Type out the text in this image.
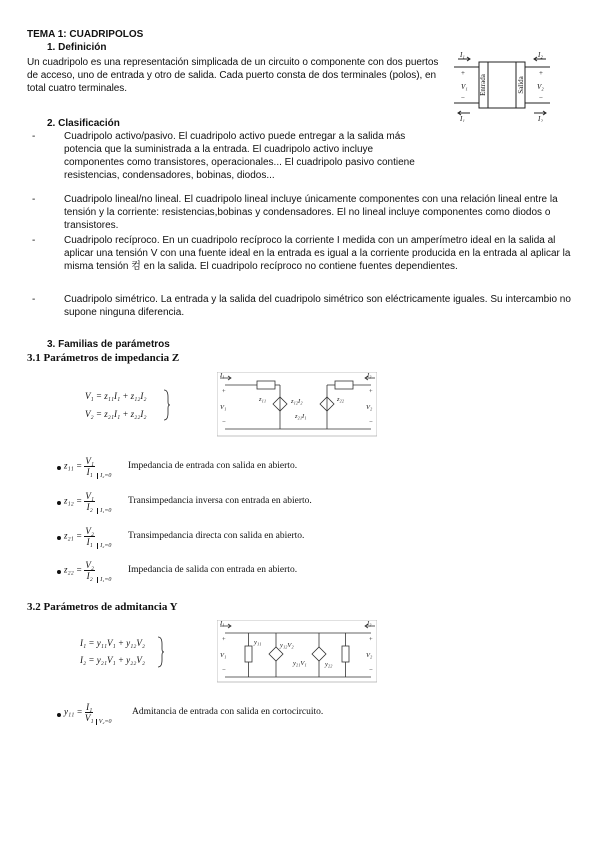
TEMA 1: CUADRIPOLOS
1. Definición
Un cuadripolo es una representación simplicada de un circuito o componente con dos puertos de acceso, uno de entrada y otro de salida. Cada puerto consta de dos terminales (polos), en total cuatro terminales.
I₁	I₂
I₁	I₂
+
V₁
−
+
V₂
−
Entrada	Salida
2. Clasificación
-	Cuadripolo activo/pasivo. El cuadripolo activo puede entregar a la salida más potencia que la suministrada a la entrada. El cuadripolo activo incluye componentes como transistores, operacionales... El cuadripolo pasivo contiene resistencias, condensadores, bobinas, diodos...
-	Cuadripolo lineal/no lineal. El cuadripolo lineal incluye únicamente componentes con una relación lineal entre la tensión y la corriente: resistencias,bobinas y condensadores. El no lineal incluye componentes como diodos o transistores.
-	Cuadripolo recíproco. En un cuadripolo recíproco la corriente I medida con un amperímetro ideal en la salida al aplicar una tensión V con una fuente ideal en la entrada es igual a la corriente producida en la entrada al aplicar la misma tensión 컴 en la salida. El cuadripolo recíproco no contiene fuentes dependientes.
-	Cuadripolo simétrico. La entrada y la salida del cuadripolo simétrico son eléctricamente iguales. Su intercambio no supone ninguna diferencia.
3. Familias de parámetros
3.1 Parámetros de impedancia Z
V₁ = z₁₁I₁ + z₁₂I₂
V₂ = z₂₁I₁ + z₂₂I₂
I₁	I₂
+
V₁
−
+
V₂
−
z₁₁	z₂₂
z₁₂I₂
z₂₁I₁
$z_{11} = \frac{\text{V₁}}{\text{I₁}} _{I_2=0}$
Impedancia de entrada con salida en abierto.
$z_{12} = \frac{\text{V₁}}{\text{I₂}} _{I_1=0}$
Transimpedancia inversa con entrada en abierto.
$z_{21} = \frac{\text{V₂}}{\text{I₁}} _{I_2=0}$
Transimpedancia directa con salida en abierto.
$z_{22} = \frac{\text{V₂}}{\text{I₂}} _{I_1=0}$
Impedancia de salida con entrada en abierto.
3.2 Parámetros de admitancia Y
I₁ = y₁₁V₁ + y₁₂V₂
I₂ = y₂₁V₁ + y₂₂V₂
I₁	I₂
+
V₁
−
+
V₂
−
y₁₁
y₂₂
y₁₂V₂
y₂₁V₁
$y_{11} = \frac{\text{I₁}}{\text{V₁}} _{V_2=0}$
Admitancia de entrada con salida en cortocircuito.
